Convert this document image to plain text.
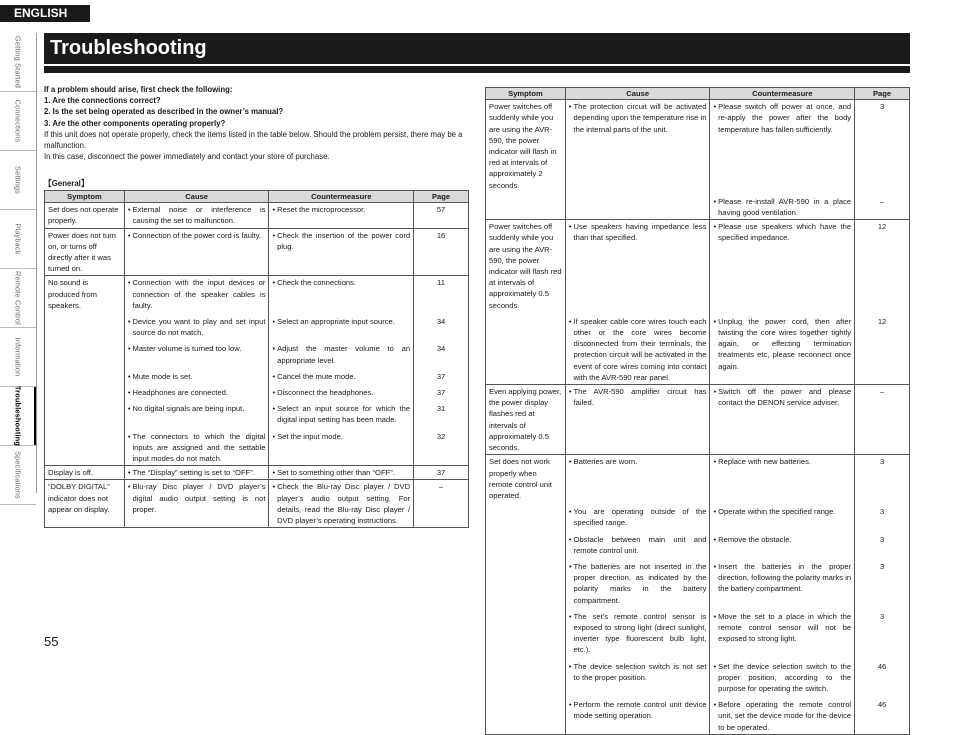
ENGLISH
Getting Started
Connections
Settings
Playback
Remote Control
Information
Troubleshooting
Specifications
Troubleshooting
If a problem should arise, first check the following:
1. Are the connections correct?
2. Is the set being operated as described in the owner’s manual?
3. Are the other components operating properly?
If this unit does not operate properly, check the items listed in the table below. Should the problem persist, there may be a malfunction.
In this case, disconnect the power immediately and contact your store of purchase.
【General】
Symptom	Cause	Countermeasure	Page

Set does not operate properly.	• External noise or interference is causing the set to malfunction.	• Reset the microprocessor.	57

Power does not turn on, or turns off directly after it was turned on.	• Connection of the power cord is faulty.	• Check the insertion of the power cord plug.	16

No sound is produced from speakers.	• Connection with the input devices or connection of the speaker cables is faulty.	• Check the connections.	11

	• Device you want to play and set input source do not match.	• Select an appropriate input source.	34

	• Master volume is turned too low.	• Adjust the master volume to an appropriate level.	34

	• Mute mode is set.	• Cancel the mute mode.	37

	• Headphones are connected.	• Disconnect the headphones.	37

	• No digital signals are being input.	• Select an input source for which the digital input setting has been made.	31

	• The connectors to which the digital inputs are assigned and the settable input modes do not match.	• Set the input mode.	32

Display is off.	• The “Display” setting is set to “OFF”.	• Set to something other than “OFF”.	37

“DOLBY DIGITAL” indicator does not appear on display.	• Blu-ray Disc player / DVD player’s digital audio output setting is not proper.	• Check the Blu-ray Disc player / DVD player’s audio output setting. For details, read the Blu-ray Disc player / DVD player’s operating instructions.	–
Symptom	Cause	Countermeasure	Page

Power switches off suddenly while you are using the AVR-590, the power indicator will flash in red at intervals of approximately 2 seconds.	• The protection circuit will be activated depending upon the temperature rise in the internal parts of the unit.	• Please switch off power at once, and re-apply the power after the body temperature has fallen sufficiently.	3

		• Please re-install AVR-590 in a place having good ventilation.	–

Power switches off suddenly while you are using the AVR-590, the power indicator will flash red at intervals of approximately 0.5 seconds.	• Use speakers having impedance less than that specified.	• Please use speakers which have the specified impedance.	12

	• If speaker cable core wires touch each other or the core wires become disconnected from their terminals, the protection circuit will be activated in the event of core wires coming into contact with the AVR-590 rear panel.	• Unplug the power cord, then after twisting the core wires together tightly again, or effecting termination treatments etc, please reconnect once again.	12

Even applying power, the power display flashes red at intervals of approximately 0.5 seconds.	• The AVR-590 amplifier circuit has failed.	• Switch off the power and please contact the DENON service adviser.	–

Set does not work properly when remote control unit operated.	• Batteries are worn.	• Replace with new batteries.	3

	• You are operating outside of the specified range.	• Operate within the specified range.	3

	• Obstacle between main unit and remote control unit.	• Remove the obstacle.	3

	• The batteries are not inserted in the proper direction, as indicated by the polarity marks in the battery compartment.	• Insert the batteries in the proper direction, following the polarity marks in the battery compartment.	3

	• The set’s remote control sensor is exposed to strong light (direct sunlight, inverter type fluorescent bulb light, etc.).	• Move the set to a place in which the remote control sensor will not be exposed to strong light.	3

	• The device selection switch is not set to the proper position.	• Set the device selection switch to the proper position, according to the purpose for operating the switch.	46

	• Perform the remote control unit device mode setting operation.	• Before operating the remote control unit, set the device mode for the device to be operated.	46
55
